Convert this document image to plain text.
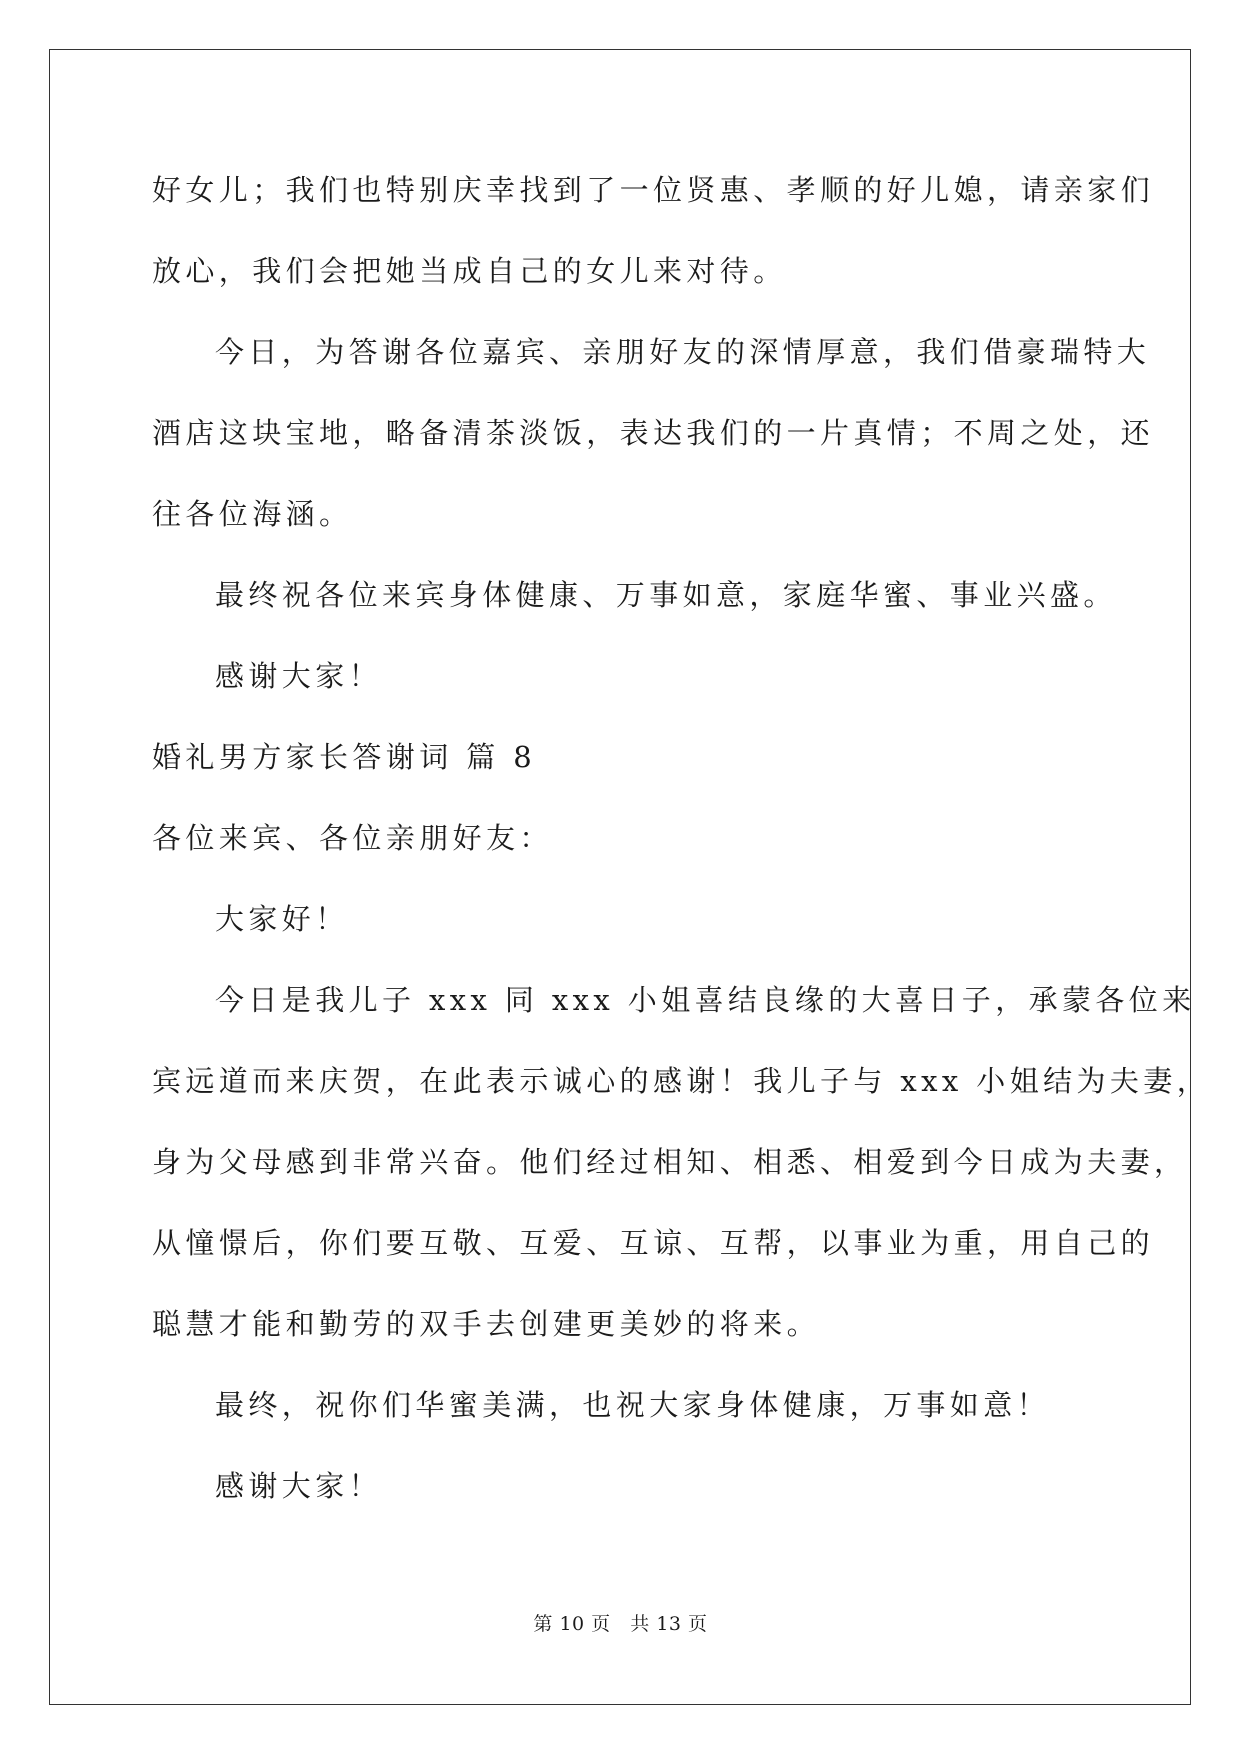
好女儿；我们也特别庆幸找到了一位贤惠、孝顺的好儿媳，请亲家们
放心，我们会把她当成自己的女儿来对待。
今日，为答谢各位嘉宾、亲朋好友的深情厚意，我们借豪瑞特大
酒店这块宝地，略备清茶淡饭，表达我们的一片真情；不周之处，还
往各位海涵。
最终祝各位来宾身体健康、万事如意，家庭华蜜、事业兴盛。
感谢大家！
婚礼男方家长答谢词 篇 8
各位来宾、各位亲朋好友：
大家好！
今日是我儿子 xxx 同 xxx 小姐喜结良缘的大喜日子，承蒙各位来
宾远道而来庆贺，在此表示诚心的感谢！我儿子与 xxx 小姐结为夫妻，
身为父母感到非常兴奋。他们经过相知、相悉、相爱到今日成为夫妻，
从憧憬后，你们要互敬、互爱、互谅、互帮，以事业为重，用自己的
聪慧才能和勤劳的双手去创建更美妙的将来。
最终，祝你们华蜜美满，也祝大家身体健康，万事如意！
感谢大家！
第 10 页   共 13 页
